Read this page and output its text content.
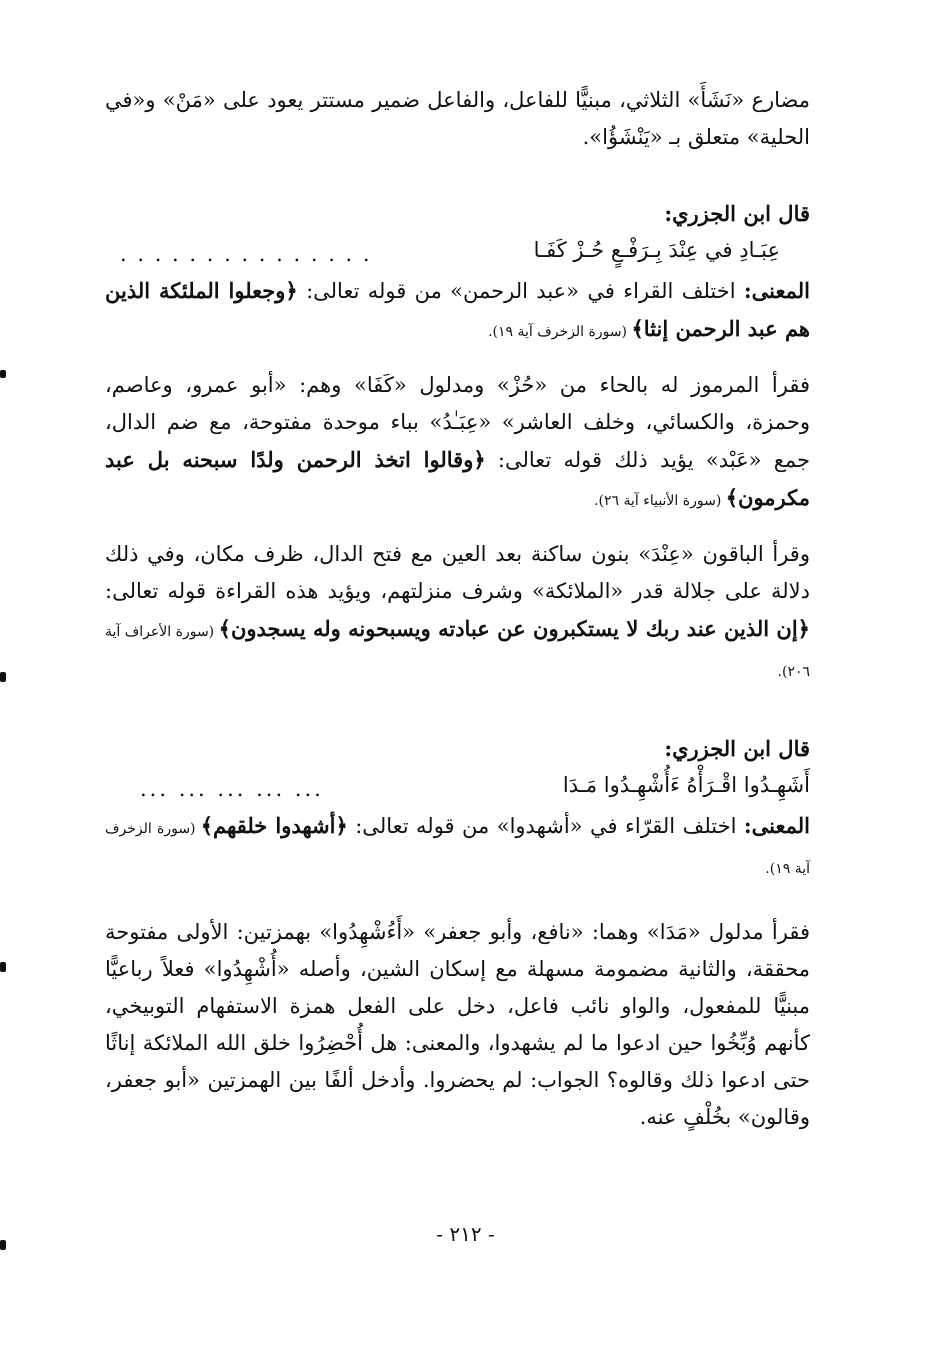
مضارع «نَشَأَ» الثلاثي، مبنيًّا للفاعل، والفاعل ضمير مستتر يعود على «مَنْ» و«في الحلية» متعلق بـ «يَنْشَؤُا».

قال ابن الجزري:
عِبَـادِ في عِنْدَ بِـرَفْـعٍ حُـزْ كَفَـا
. . . . . . . . . . . . . . .

المعنى: اختلف القراء في «عبد الرحمن» من قوله تعالى: ﴿وجعلوا الملئكة الذين هم عبد الرحمن إنثا﴾ (سورة الزخرف آية ١٩).

فقرأ المرموز له بالحاء من «حُزْ» ومدلول «كَفَا» وهم: «أبو عمرو، وعاصم، وحمزة، والكسائي، وخلف العاشر» «عِبَـٰدُ» بباء موحدة مفتوحة، مع ضم الدال، جمع «عَبْد» يؤيد ذلك قوله تعالى: ﴿وقالوا اتخذ الرحمن ولدًا سبحنه بل عبد مكرمون﴾ (سورة الأنبياء آية ٢٦).

وقرأ الباقون «عِنْدَ» بنون ساكنة بعد العين مع فتح الدال، ظرف مكان، وفي ذلك دلالة على جلالة قدر «الملائكة» وشرف منزلتهم، ويؤيد هذه القراءة قوله تعالى: ﴿إن الذين عند ربك لا يستكبرون عن عبادته ويسبحونه وله يسجدون﴾ (سورة الأعراف آية ٢٠٦).

قال ابن الجزري:
أَشَهِـدُوا اقْـرَأْهُ ءَأُشْهِـدُوا مَـدَا
... ... ... ... ...

المعنى: اختلف القرّاء في «أشهدوا» من قوله تعالى: ﴿أشهدوا خلقهم﴾ (سورة الزخرف آية ١٩).

فقرأ مدلول «مَدَا» وهما: «نافع، وأبو جعفر» «أَءُشْهِدُوا» بهمزتين: الأولى مفتوحة محققة، والثانية مضمومة مسهلة مع إسكان الشين، وأصله «أُشْهِدُوا» فعلاً رباعيًّا مبنيًّا للمفعول، والواو نائب فاعل، دخل على الفعل همزة الاستفهام التوبيخي، كأنهم وُبِّخُوا حين ادعوا ما لم يشهدوا، والمعنى: هل أُحْضِرُوا خلق الله الملائكة إناثًا حتى ادعوا ذلك وقالوه؟ الجواب: لم يحضروا. وأدخل ألفًا بين الهمزتين «أبو جعفر، وقالون» بخُلْفٍ عنه.

- ٢١٢ -
